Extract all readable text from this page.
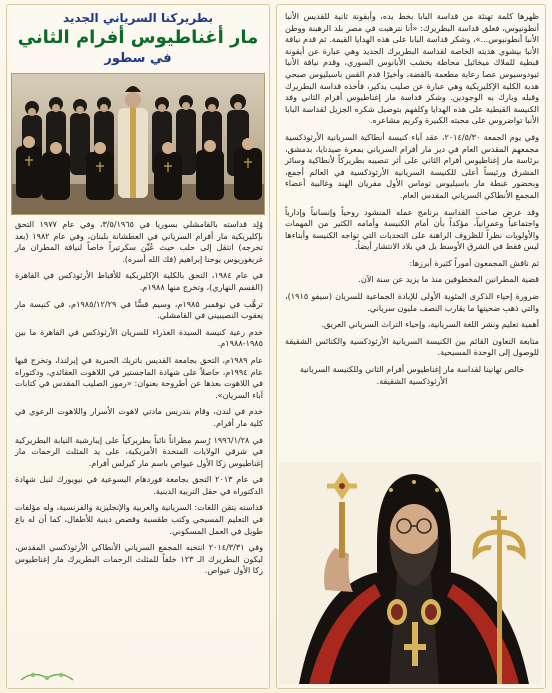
بطريركنا السرياني الجديد
مار أغناطيوس أفرام الثاني
في سطور

وُلِد قداسته بالقامشلي بسوريا في ٣/٥/١٩٦٥، وفي عام ١٩٧٧ التحق بإكليريكية مار أفرام السرياني في العطشانة بلبنان، وفي عام ١٩٨٢ (بعد تخرجه) انتقل إلى حلب حيث عُيِّن سكرتيراً خاصاً لنيافة المطران مار غريغوريوس يوحنا إبراهيم (فك الله أسره).

في عام ١٩٨٤، التحق بالكلية الإكليريكية للأقباط الأرثوذكس في القاهرة (القسم النهاري)، وتخرج منها ١٩٨٨م.

ترهَّب في نوفمبر ١٩٨٥م، وسيم قسًّا في ١٩٨٥/١٢/٢٩م، في كنيسة مار يعقوب النصيبيني في القامشلي.

خدم رعية كنيسة السيدة العذراء للسريان الأرثوذكس في القاهرة ما بين ١٩٨٥-١٩٨٨م.

عام ١٩٨٩م، التحق بجامعة القديس باتريك الحبرية في إيرلندا، وتخرج فيها عام ١٩٩٤م، حاصلاً على شهادة الماجستير في اللاهوت العقائدي، ودكتوراه في اللاهوت بعدها عن أطروحة بعنوان: «رموز الصليب المقدس في كتابات آباء السريان».

خدم في لندن، وقام بتدريس مادتي لاهوت الأسرار واللاهوت الرعوي في كلية مار أفرام.

في ١٩٩٦/١/٢٨ رُسم مطراناً نائباً بطريركياً على إيبارشية النيابة البطريركية في شرقي الولايات المتحدة الأمريكية، على يد المثلث الرحمات مار إغناطيوس زكا الأول عيواص باسم مار كيرلس أفرام.

في عام ٢٠١٣ التحق بجامعة فوردهام اليسوعية في نيويورك لنيل شهادة الدكتوراه في حقل التربية الدينية.

قداسته يتقن اللغات: السريانية والعربية والإنجليزية والفرنسية، وله مؤلفات في التعليم المسيحي وكتب طقسية وقصص دينية للأطفال، كما أن له باع طويل في العمل المسكوني.

وفي ٢٠١٤/٣/٣١ انتخبه المجمع السرياني الأنطاكي الأرثوذكسي المقدس، ليكون البطريرك الـ ١٢٣ خلفاً للمثلث الرحمات البطريرك مار إغناطيوس زكا الأول عيواص.

ظهرها كلمة تهنئة من قداسة البابا بخط يده، وأيقونة ثانية للقديس الأنبا أنطونيوس، فعلق قداسة البطريرك: «أنا نترهبت في مصر بلد الرهبنة ووطن الأنبا أنطونيوس...»، وشكر قداسة البابا على هذه الهدايا القيمة. ثم قدم نيافة الأنبا بيشوي هديته الخاصة لقداسة البطريرك الجديد وهي عبارة عن أيقونة قبطية للملاك ميخائيل محاطة بخشب الأبانوس السوري، وقدم نيافة الأنبا ثيودوسيوس عصا رعاية مطعمة بالفضة، وأخيرًا قدم القس باسيليوس صبحي هدية الكلية الإكليريكية وهي عبارة عن صليب يدكير، فأخذه قداسة البطريرك وقبله وبارك به الوجودين. وشكر قداسة مار إغناطيوس أفرام الثاني وفد الكنيسة القبطية على هذه الهدايا وكلفهم بتوصيل شكره الجزيل لقداسة البابا الأنبا تواضروس على محبته الكبيرة وكريم مشاعره.

وفي يوم الجمعة ٢٠١٤/٥/٣٠، عقد آباء كنيسة أنطاكية السريانية الأرثوذكسية مجمعهم المقدس العام في دير مار أفرام السرياني بمعرة صيدنايا، بدمشق، برئاسة مار إغناطيوس أفرام الثاني على أثر تنصيبه بطريركاً لأنطاكية وسائر المشرق ورئيساً أعلى للكنيسة السريانية الأرثوذكسية في العالم أجمع، وبحضور غبطة مار باسيليوس توماس الأول مفريان الهند وغالبية أعضاء المجمع الأنطاكي السرياني المقدس العام.

وقد عرض صاحب القداسة برنامج عمله المنشود روحياً وإنسانياً وإدارياً واجتماعياً وعمرانياً، مؤكداً بأن أمام الكنيسة وأمامه الكثير من المهمات والأولويات نظراً للظروف الراهنة على التحديات التي تواجه الكنيسة وأبناءها ليس فقط في الشرق الأوسط بل في بلاد الانتشار أيضاً.

ثم ناقش المجمعون أموراً كثيرة أبرزها:

قضية المطرانين المخطوفين منذ ما يزيد عن سنة الآن.

ضرورة إحياء الذكرى المئوية الأولى للإبادة الجماعية للسريان (سيفو ١٩١٥)، والتي ذهب ضحيتها ما يقارب النصف مليون سرياني.

أهمية تعليم ونشر اللغة السريانية، وإحياء التراث السرياني العريق.

متابعة التعاون القائم بين الكنيسة السريانية الأرثوذكسية والكنائس الشقيقة للوصول إلى الوحدة المسيحية.

خالص تهانينا لقداسة مار إغناطيوس أفرام الثاني وللكنيسة السريانية الأرثوذكسية الشقيقة.
